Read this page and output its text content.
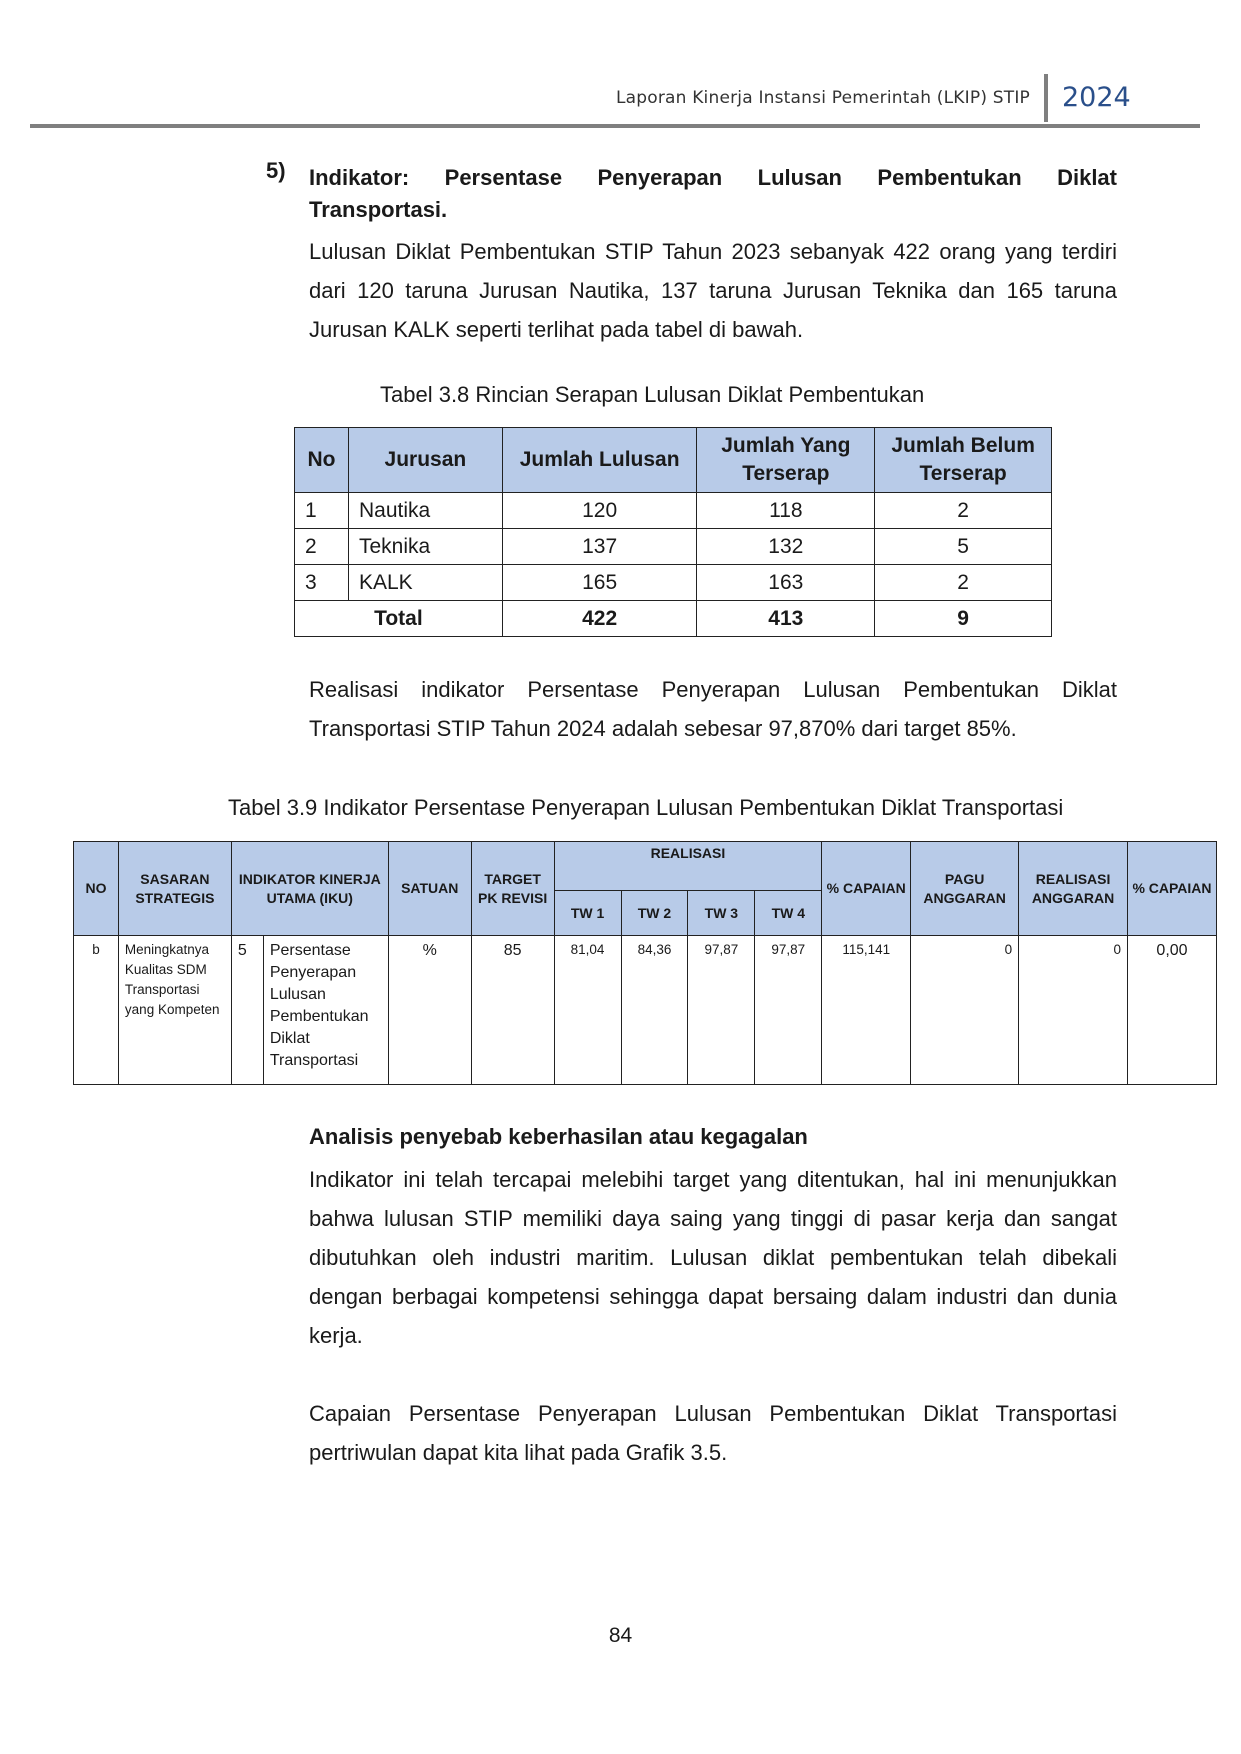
Laporan Kinerja Instansi Pemerintah (LKIP) STIP 2024
5) Indikator: Persentase Penyerapan Lulusan Pembentukan Diklat
Transportasi.
Lulusan Diklat Pembentukan STIP Tahun 2023 sebanyak 422 orang yang terdiri dari 120 taruna Jurusan Nautika, 137 taruna Jurusan Teknika dan 165 taruna Jurusan KALK seperti terlihat pada tabel di bawah.
Tabel 3.8 Rincian Serapan Lulusan Diklat Pembentukan
No	Jurusan	Jumlah Lulusan	Jumlah Yang Terserap	Jumlah Belum Terserap
1	Nautika	120	118	2
2	Teknika	137	132	5
3	KALK	165	163	2
Total		422	413	9
Realisasi indikator Persentase Penyerapan Lulusan Pembentukan Diklat Transportasi STIP Tahun 2024 adalah sebesar 97,870% dari target 85%.
Tabel 3.9 Indikator Persentase Penyerapan Lulusan Pembentukan Diklat Transportasi
NO	SASARAN STRATEGIS	INDIKATOR KINERJA UTAMA (IKU)		SATUAN	TARGET PK REVISI	REALISASI				% CAPAIAN	PAGU ANGGARAN	REALISASI ANGGARAN	% CAPAIAN
						TW 1	TW 2	TW 3	TW 4				
b	Meningkatnya Kualitas SDM Transportasi yang Kompeten	5	Persentase Penyerapan Lulusan Pembentukan Diklat Transportasi	%	85	81,04	84,36	97,87	97,87	115,141	0	0	0,00
Analisis penyebab keberhasilan atau kegagalan
Indikator ini telah tercapai melebihi target yang ditentukan, hal ini menunjukkan bahwa lulusan STIP memiliki daya saing yang tinggi di pasar kerja dan sangat dibutuhkan oleh industri maritim. Lulusan diklat pembentukan telah dibekali dengan berbagai kompetensi sehingga dapat bersaing dalam industri dan dunia kerja.
Capaian Persentase Penyerapan Lulusan Pembentukan Diklat Transportasi pertriwulan dapat kita lihat pada Grafik 3.5.
84
